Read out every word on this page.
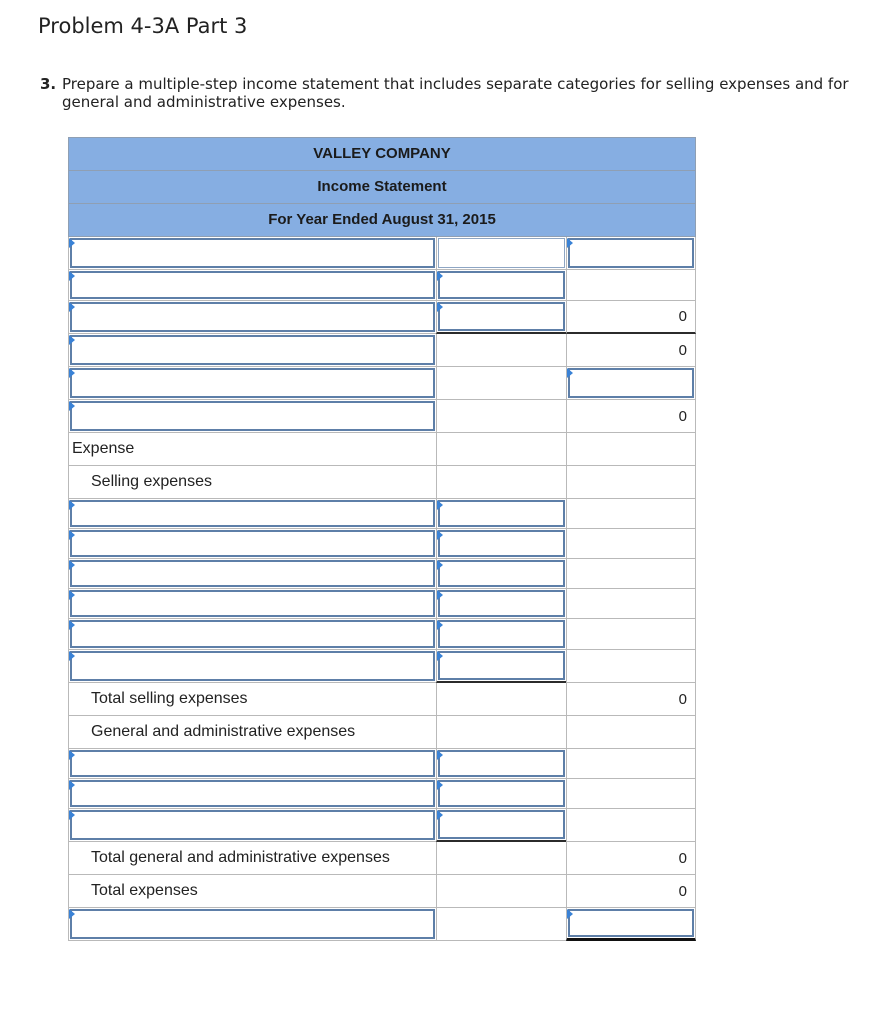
Problem 4-3A Part 3
3. Prepare a multiple-step income statement that includes separate categories for selling expenses and for general and administrative expenses.
VALLEY COMPANY
Income Statement
For Year Ended August 31, 2015
0
0
0
Expense
Selling expenses
Total selling expenses	0
General and administrative expenses
Total general and administrative expenses	0
Total expenses	0
